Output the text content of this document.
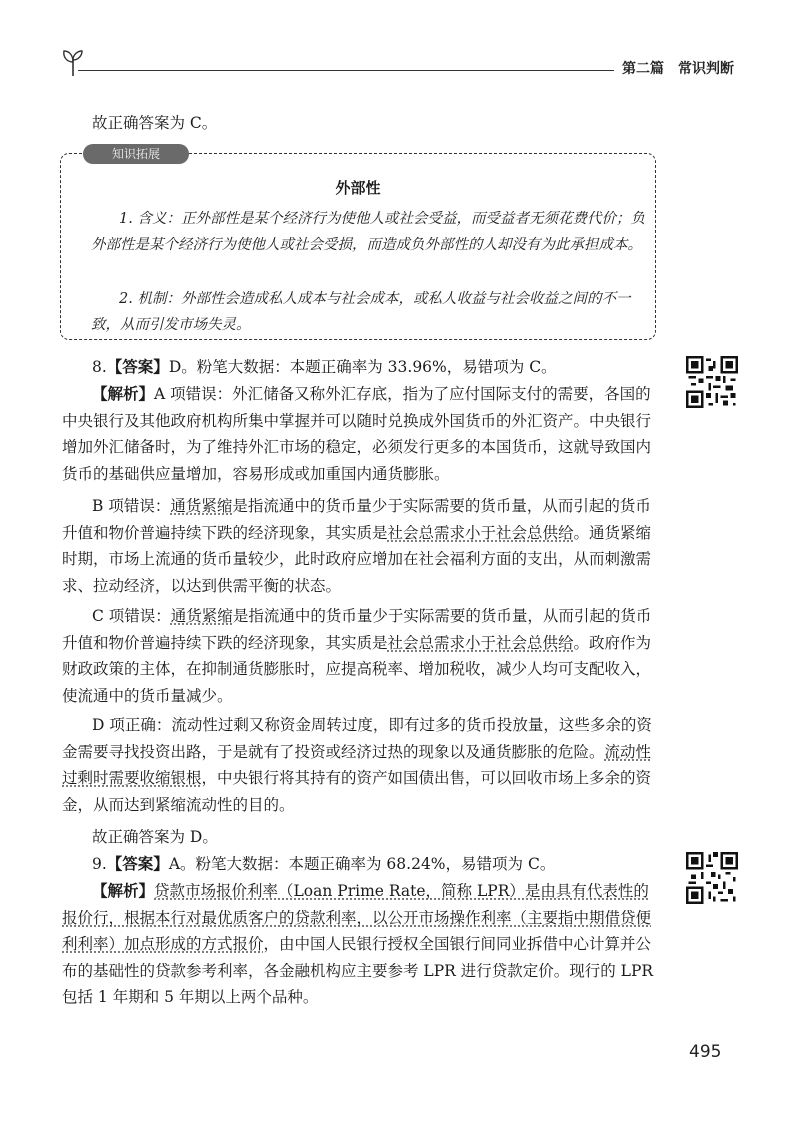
第二篇　常识判断

故正确答案为 C。

知识拓展
外部性

1. 含义：正外部性是某个经济行为使他人或社会受益，而受益者无须花费代价；负外部性是某个经济行为使他人或社会受损，而造成负外部性的人却没有为此承担成本。

2. 机制：外部性会造成私人成本与社会成本，或私人收益与社会收益之间的不一致，从而引发市场失灵。

8.【答案】D。粉笔大数据：本题正确率为 33.96%，易错项为 C。

【解析】A 项错误：外汇储备又称外汇存底，指为了应付国际支付的需要，各国的中央银行及其他政府机构所集中掌握并可以随时兑换成外国货币的外汇资产。中央银行增加外汇储备时，为了维持外汇市场的稳定，必须发行更多的本国货币，这就导致国内货币的基础供应量增加，容易形成或加重国内通货膨胀。

B 项错误：通货紧缩是指流通中的货币量少于实际需要的货币量，从而引起的货币升值和物价普遍持续下跌的经济现象，其实质是社会总需求小于社会总供给。通货紧缩时期，市场上流通的货币量较少，此时政府应增加在社会福利方面的支出，从而刺激需求、拉动经济，以达到供需平衡的状态。

C 项错误：通货紧缩是指流通中的货币量少于实际需要的货币量，从而引起的货币升值和物价普遍持续下跌的经济现象，其实质是社会总需求小于社会总供给。政府作为财政政策的主体，在抑制通货膨胀时，应提高税率、增加税收，减少人均可支配收入，使流通中的货币量减少。

D 项正确：流动性过剩又称资金周转过度，即有过多的货币投放量，这些多余的资金需要寻找投资出路，于是就有了投资或经济过热的现象以及通货膨胀的危险。流动性过剩时需要收缩银根，中央银行将其持有的资产如国债出售，可以回收市场上多余的资金，从而达到紧缩流动性的目的。

故正确答案为 D。

9.【答案】A。粉笔大数据：本题正确率为 68.24%，易错项为 C。

【解析】贷款市场报价利率（Loan Prime Rate，简称 LPR）是由具有代表性的报价行，根据本行对最优质客户的贷款利率，以公开市场操作利率（主要指中期借贷便利利率）加点形成的方式报价，由中国人民银行授权全国银行间同业拆借中心计算并公布的基础性的贷款参考利率，各金融机构应主要参考 LPR 进行贷款定价。现行的 LPR 包括 1 年期和 5 年期以上两个品种。

495
